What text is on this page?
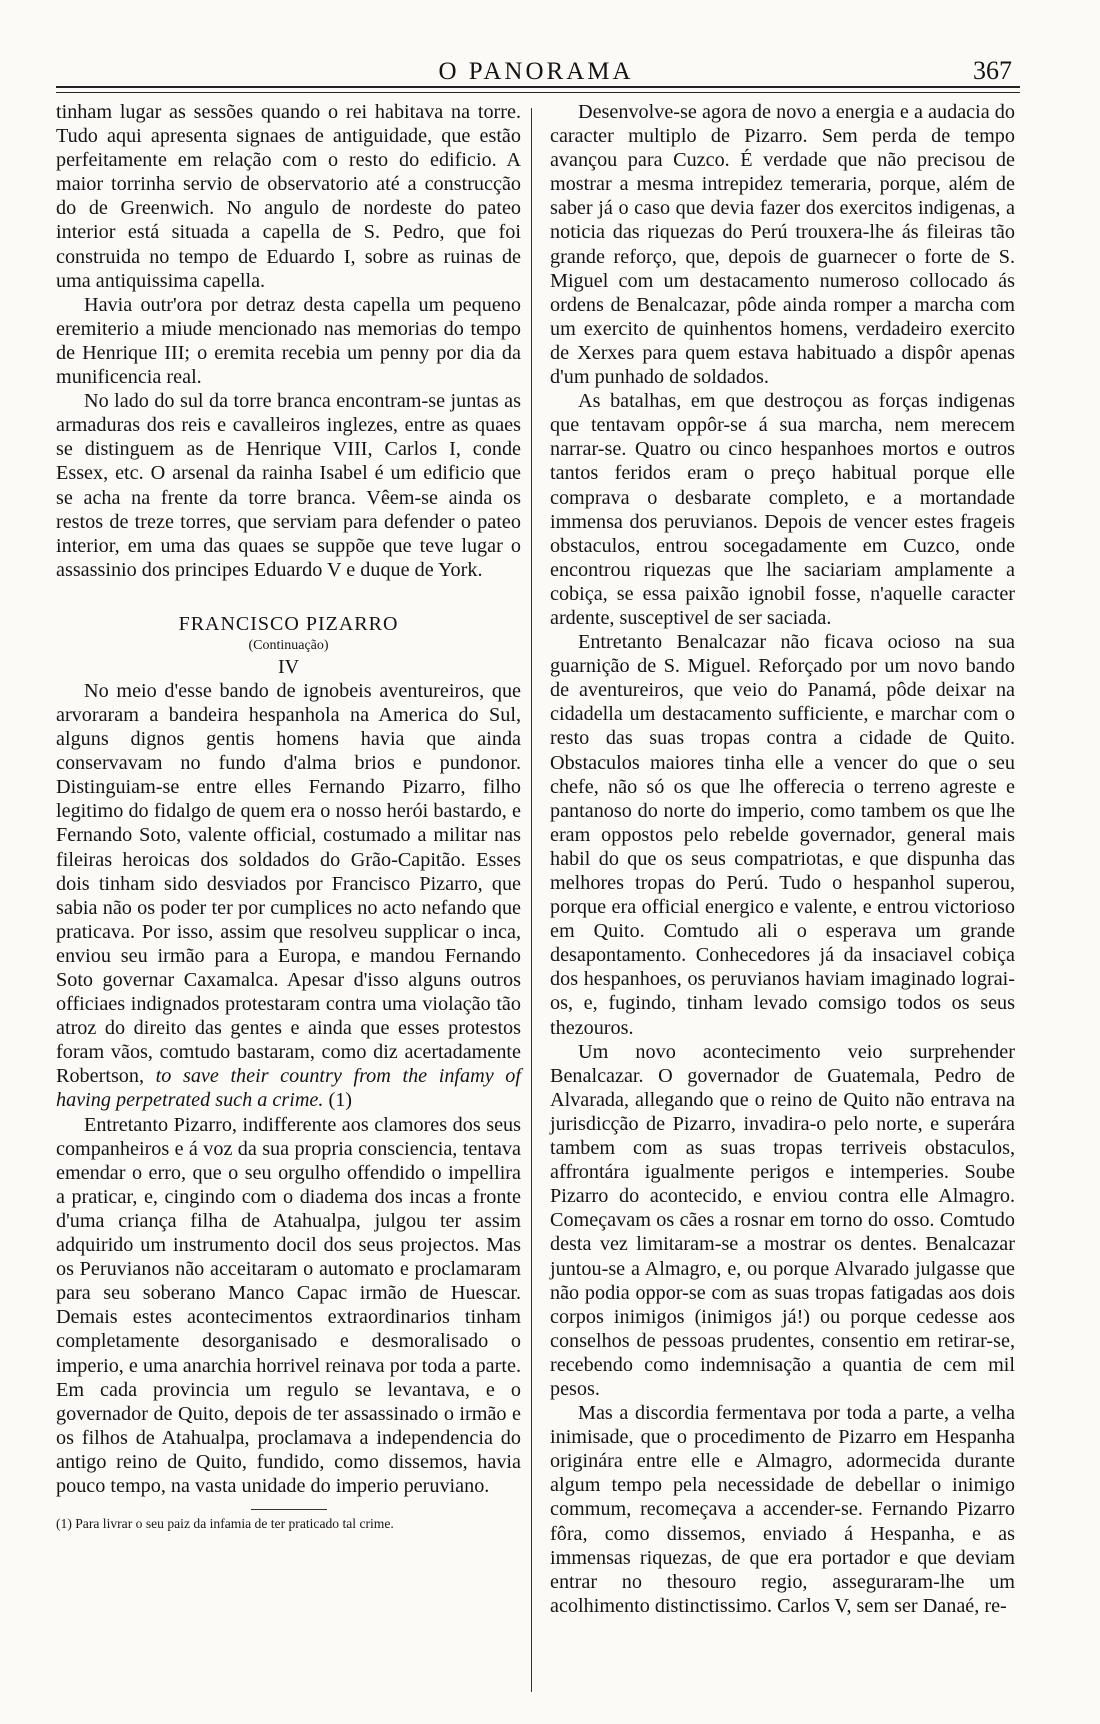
O PANORAMA	367

tinham lugar as sessões quando o rei habitava na torre. Tudo aqui apresenta signaes de antiguidade, que estão perfeitamente em relação com o resto do edificio. A maior torrinha servio de observatorio até a construcção do de Greenwich. No angulo de nordeste do pateo interior está situada a capella de S. Pedro, que foi construida no tempo de Eduardo I, sobre as ruinas de uma antiquissima capella.

Havia outr'ora por detraz desta capella um pequeno eremiterio a miude mencionado nas memorias do tempo de Henrique III; o eremita recebia um penny por dia da munificencia real.

No lado do sul da torre branca encontram-se juntas as armaduras dos reis e cavalleiros inglezes, entre as quaes se distinguem as de Henrique VIII, Carlos I, conde Essex, etc. O arsenal da rainha Isabel é um edificio que se acha na frente da torre branca. Vêem-se ainda os restos de treze torres, que serviam para defender o pateo interior, em uma das quaes se suppõe que teve lugar o assassinio dos principes Eduardo V e duque de York.

FRANCISCO PIZARRO
(Continuação)
IV

No meio d'esse bando de ignobeis aventureiros, que arvoraram a bandeira hespanhola na America do Sul, alguns dignos gentis homens havia que ainda conservavam no fundo d'alma brios e pundonor. Distinguiam-se entre elles Fernando Pizarro, filho legitimo do fidalgo de quem era o nosso herói bastardo, e Fernando Soto, valente official, costumado a militar nas fileiras heroicas dos soldados do Grão-Capitão. Esses dois tinham sido desviados por Francisco Pizarro, que sabia não os poder ter por cumplices no acto nefando que praticava. Por isso, assim que resolveu supplicar o inca, enviou seu irmão para a Europa, e mandou Fernando Soto governar Caxamalca. Apesar d'isso alguns outros officiaes indignados protestaram contra uma violação tão atroz do direito das gentes e ainda que esses protestos foram vãos, comtudo bastaram, como diz acertadamente Robertson, to save their country from the infamy of having perpetrated such a crime. (1)

Entretanto Pizarro, indifferente aos clamores dos seus companheiros e á voz da sua propria consciencia, tentava emendar o erro, que o seu orgulho offendido o impellira a praticar, e, cingindo com o diadema dos incas a fronte d'uma criança filha de Atahualpa, julgou ter assim adquirido um instrumento docil dos seus projectos. Mas os Peruvianos não acceitaram o automato e proclamaram para seu soberano Manco Capac irmão de Huescar. Demais estes acontecimentos extraordinarios tinham completamente desorganisado e desmoralisado o imperio, e uma anarchia horrivel reinava por toda a parte. Em cada provincia um regulo se levantava, e o governador de Quito, depois de ter assassinado o irmão e os filhos de Atahualpa, proclamava a independencia do antigo reino de Quito, fundido, como dissemos, havia pouco tempo, na vasta unidade do imperio peruviano.

(1) Para livrar o seu paiz da infamia de ter praticado tal crime.

Desenvolve-se agora de novo a energia e a audacia do caracter multiplo de Pizarro. Sem perda de tempo avançou para Cuzco. É verdade que não precisou de mostrar a mesma intrepidez temeraria, porque, além de saber já o caso que devia fazer dos exercitos indigenas, a noticia das riquezas do Perú trouxera-lhe ás fileiras tão grande reforço, que, depois de guarnecer o forte de S. Miguel com um destacamento numeroso collocado ás ordens de Benalcazar, pôde ainda romper a marcha com um exercito de quinhentos homens, verdadeiro exercito de Xerxes para quem estava habituado a dispôr apenas d'um punhado de soldados.

As batalhas, em que destroçou as forças indigenas que tentavam oppôr-se á sua marcha, nem merecem narrar-se. Quatro ou cinco hespanhoes mortos e outros tantos feridos eram o preço habitual porque elle comprava o desbarate completo, e a mortandade immensa dos peruvianos. Depois de vencer estes frageis obstaculos, entrou socegadamente em Cuzco, onde encontrou riquezas que lhe saciariam amplamente a cobiça, se essa paixão ignobil fosse, n'aquelle caracter ardente, susceptivel de ser saciada.

Entretanto Benalcazar não ficava ocioso na sua guarnição de S. Miguel. Reforçado por um novo bando de aventureiros, que veio do Panamá, pôde deixar na cidadella um destacamento sufficiente, e marchar com o resto das suas tropas contra a cidade de Quito. Obstaculos maiores tinha elle a vencer do que o seu chefe, não só os que lhe offerecia o terreno agreste e pantanoso do norte do imperio, como tambem os que lhe eram oppostos pelo rebelde governador, general mais habil do que os seus compatriotas, e que dispunha das melhores tropas do Perú. Tudo o hespanhol superou, porque era official energico e valente, e entrou victorioso em Quito. Comtudo ali o esperava um grande desapontamento. Conhecedores já da insaciavel cobiça dos hespanhoes, os peruvianos haviam imaginado lograi-os, e, fugindo, tinham levado comsigo todos os seus thezouros.

Um novo acontecimento veio surprehender Benalcazar. O governador de Guatemala, Pedro de Alvarada, allegando que o reino de Quito não entrava na jurisdicção de Pizarro, invadira-o pelo norte, e superára tambem com as suas tropas terriveis obstaculos, affrontára igualmente perigos e intemperies. Soube Pizarro do acontecido, e enviou contra elle Almagro. Começavam os cães a rosnar em torno do osso. Comtudo desta vez limitaram-se a mostrar os dentes. Benalcazar juntou-se a Almagro, e, ou porque Alvarado julgasse que não podia oppor-se com as suas tropas fatigadas aos dois corpos inimigos (inimigos já!) ou porque cedesse aos conselhos de pessoas prudentes, consentio em retirar-se, recebendo como indemnisação a quantia de cem mil pesos.

Mas a discordia fermentava por toda a parte, a velha inimisade, que o procedimento de Pizarro em Hespanha originára entre elle e Almagro, adormecida durante algum tempo pela necessidade de debellar o inimigo commum, recomeçava a accender-se. Fernando Pizarro fôra, como dissemos, enviado á Hespanha, e as immensas riquezas, de que era portador e que deviam entrar no thesouro regio, asseguraram-lhe um acolhimento distinctissimo. Carlos V, sem ser Danaé, re-
